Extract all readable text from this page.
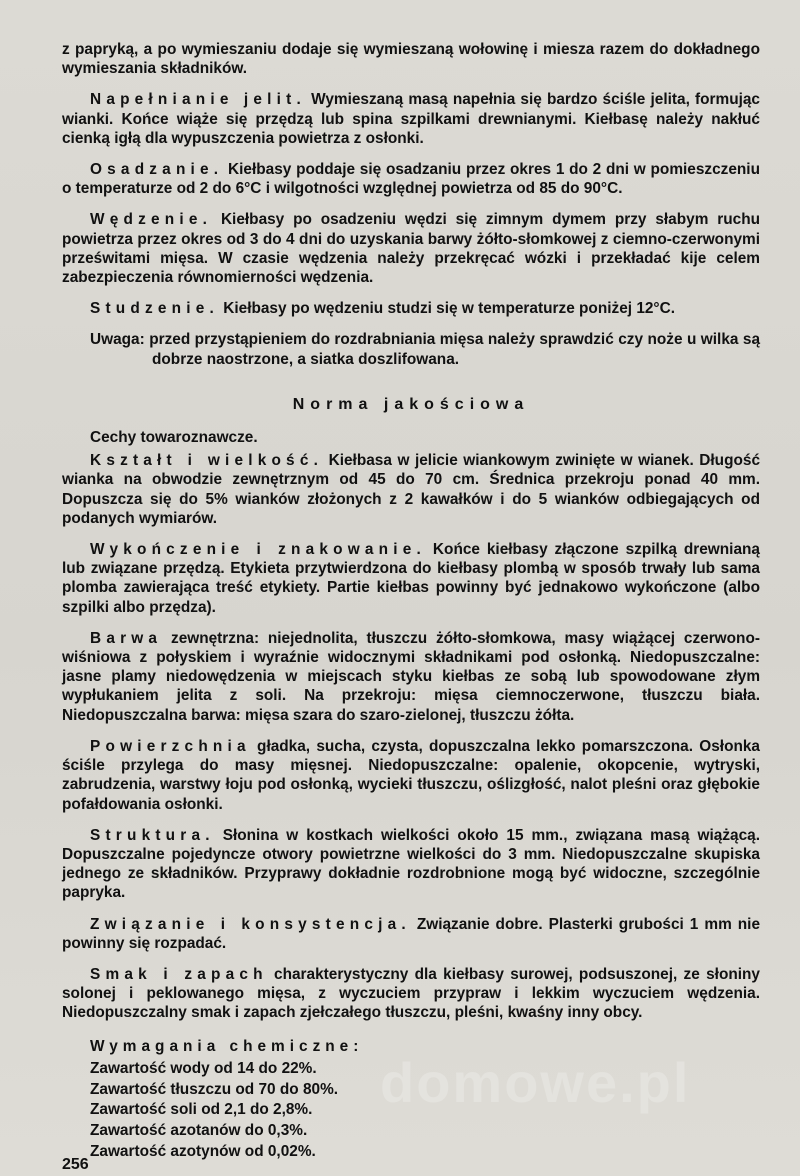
z papryką, a po wymieszaniu dodaje się wymieszaną wołowinę i miesza razem do dokładnego wymieszania składników.

Napełnianie jelit. Wymieszaną masą napełnia się bardzo ściśle jelita, formując wianki. Końce wiąże się przędzą lub spina szpilkami drewnianymi. Kiełbasę należy nakłuć cienką igłą dla wypuszczenia powietrza z osłonki.

Osadzanie. Kiełbasy poddaje się osadzaniu przez okres 1 do 2 dni w pomieszczeniu o temperaturze od 2 do 6°C i wilgotności względnej powietrza od 85 do 90°C.

Wędzenie. Kiełbasy po osadzeniu wędzi się zimnym dymem przy słabym ruchu powietrza przez okres od 3 do 4 dni do uzyskania barwy żółto-słomkowej z ciemno-czerwonymi prześwitami mięsa. W czasie wędzenia należy przekręcać wózki i przekładać kije celem zabezpieczenia równomierności wędzenia.

Studzenie. Kiełbasy po wędzeniu studzi się w temperaturze poniżej 12°C.

Uwaga: przed przystąpieniem do rozdrabniania mięsa należy sprawdzić czy noże u wilka są dobrze naostrzone, a siatka doszlifowana.

Norma jakościowa
Cechy towaroznawcze.

Kształt i wielkość. Kiełbasa w jelicie wiankowym zwinięte w wianek. Długość wianka na obwodzie zewnętrznym od 45 do 70 cm. Średnica przekroju ponad 40 mm. Dopuszcza się do 5% wianków złożonych z 2 kawałków i do 5 wianków odbiegających od podanych wymiarów.

Wykończenie i znakowanie. Końce kiełbasy złączone szpilką drewnianą lub związane przędzą. Etykieta przytwierdzona do kiełbasy plombą w sposób trwały lub sama plomba zawierająca treść etykiety. Partie kiełbas powinny być jednakowo wykończone (albo szpilki albo przędza).

Barwa zewnętrzna: niejednolita, tłuszczu żółto-słomkowa, masy wiążącej czerwono-wiśniowa z połyskiem i wyraźnie widocznymi składnikami pod osłonką. Niedopuszczalne: jasne plamy niedowędzenia w miejscach styku kiełbas ze sobą lub spowodowane złym wypłukaniem jelita z soli. Na przekroju: mięsa ciemnoczerwone, tłuszczu biała. Niedopuszczalna barwa: mięsa szara do szaro-zielonej, tłuszczu żółta.

Powierzchnia gładka, sucha, czysta, dopuszczalna lekko pomarszczona. Osłonka ściśle przylega do masy mięsnej. Niedopuszczalne: opalenie, okopcenie, wytryski, zabrudzenia, warstwy łoju pod osłonką, wycieki tłuszczu, oślizgłość, nalot pleśni oraz głębokie pofałdowania osłonki.

Struktura. Słonina w kostkach wielkości około 15 mm., związana masą wiążącą. Dopuszczalne pojedyncze otwory powietrzne wielkości do 3 mm. Niedopuszczalne skupiska jednego ze składników. Przyprawy dokładnie rozdrobnione mogą być widoczne, szczególnie papryka.

Związanie i konsystencja. Związanie dobre. Plasterki grubości 1 mm nie powinny się rozpadać.

Smak i zapach charakterystyczny dla kiełbasy surowej, podsuszonej, ze słoniny solonej i peklowanego mięsa, z wyczuciem przypraw i lekkim wyczuciem wędzenia. Niedopuszczalny smak i zapach zjełczałego tłuszczu, pleśni, kwaśny inny obcy.

Wymagania chemiczne:
Zawartość wody od 14 do 22%.
Zawartość tłuszczu od 70 do 80%.
Zawartość soli od 2,1 do 2,8%.
Zawartość azotanów do 0,3%.
Zawartość azotynów od 0,02%.
domowe.pl
256
